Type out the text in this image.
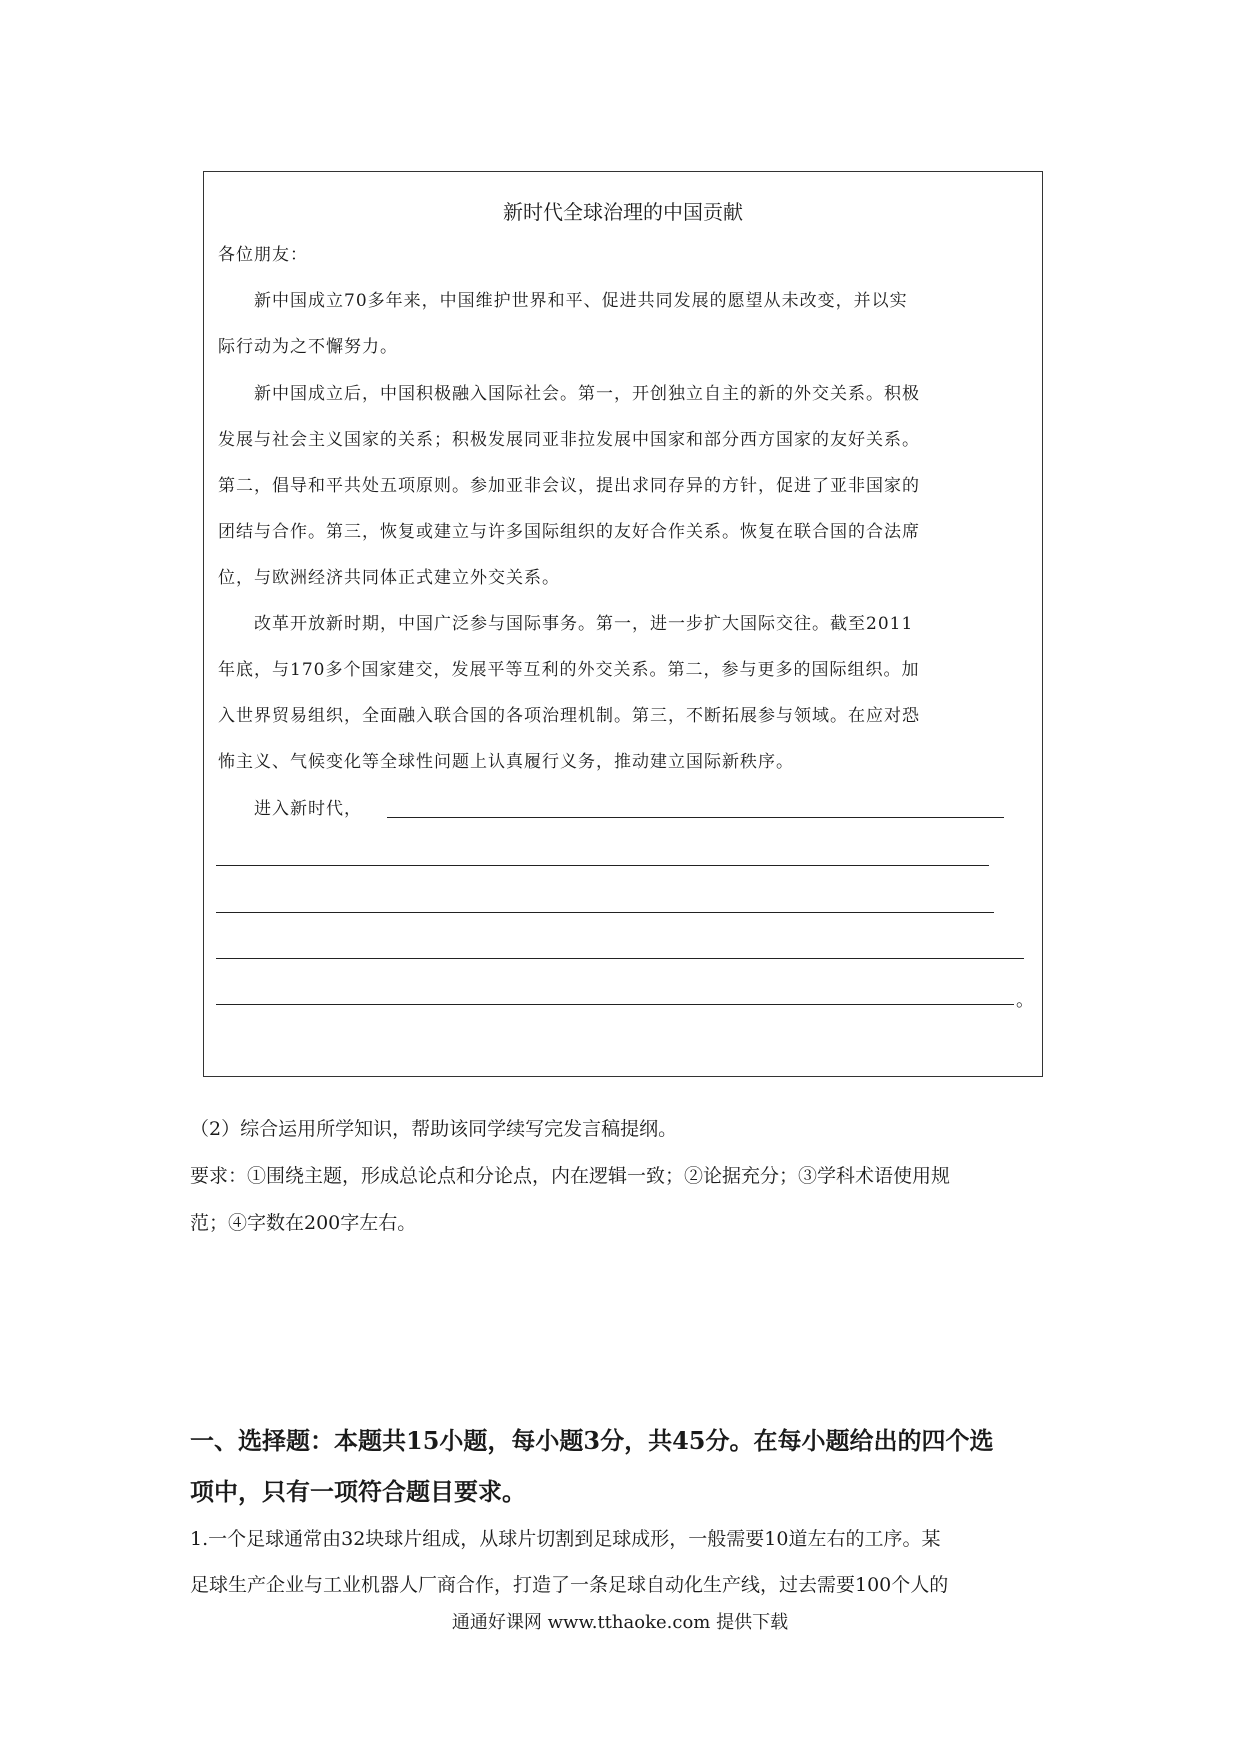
新时代全球治理的中国贡献
各位朋友：
　　新中国成立70多年来，中国维护世界和平、促进共同发展的愿望从未改变，并以实
际行动为之不懈努力。
　　新中国成立后，中国积极融入国际社会。第一，开创独立自主的新的外交关系。积极
发展与社会主义国家的关系；积极发展同亚非拉发展中国家和部分西方国家的友好关系。
第二，倡导和平共处五项原则。参加亚非会议，提出求同存异的方针，促进了亚非国家的
团结与合作。第三，恢复或建立与许多国际组织的友好合作关系。恢复在联合国的合法席
位，与欧洲经济共同体正式建立外交关系。
　　改革开放新时期，中国广泛参与国际事务。第一，进一步扩大国际交往。截至2011
年底，与170多个国家建交，发展平等互利的外交关系。第二，参与更多的国际组织。加
入世界贸易组织，全面融入联合国的各项治理机制。第三，不断拓展参与领域。在应对恐
怖主义、气候变化等全球性问题上认真履行义务，推动建立国际新秩序。
　　进入新时代，
。
（2）综合运用所学知识，帮助该同学续写完发言稿提纲。
要求：①围绕主题，形成总论点和分论点，内在逻辑一致；②论据充分；③学科术语使用规
范；④字数在200字左右。
一、选择题：本题共15小题，每小题3分，共45分。在每小题给出的四个选
项中，只有一项符合题目要求。
1.一个足球通常由32块球片组成，从球片切割到足球成形，一般需要10道左右的工序。某
足球生产企业与工业机器人厂商合作，打造了一条足球自动化生产线，过去需要100个人的
通通好课网 www.tthaoke.com 提供下载
